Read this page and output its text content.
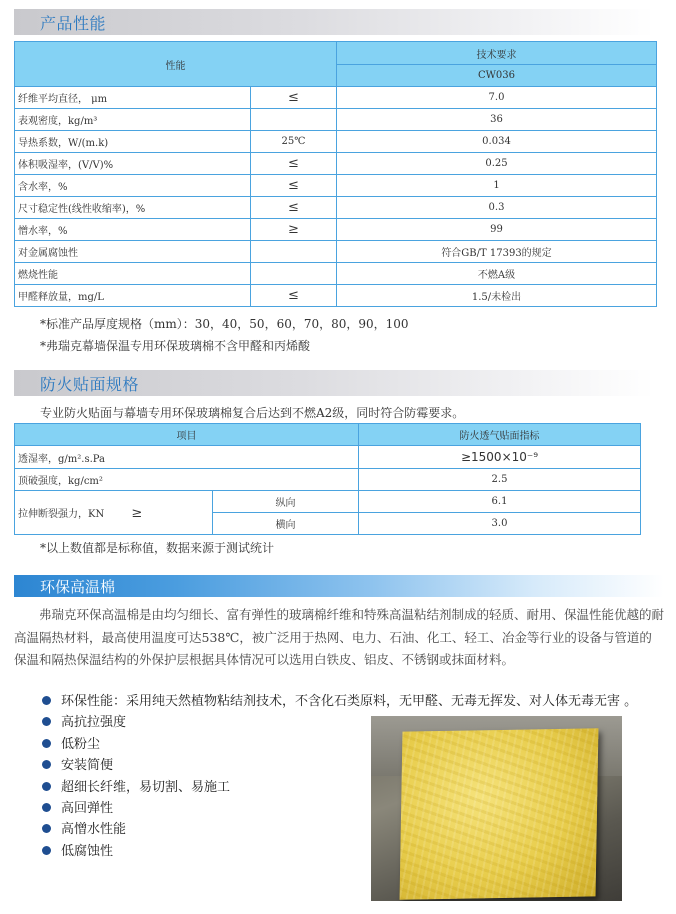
产品性能
性能		技术要求
		CW036
纤维平均直径， μm	≤	7.0
表观密度，kg/m³		36
导热系数，W/(m.k)	25℃	0.034
体积吸湿率，(V/V)%	≤	0.25
含水率，%	≤	1
尺寸稳定性(线性收缩率)，%	≤	0.3
憎水率，%	≥	99
对金属腐蚀性		符合GB/T 17393的规定
燃烧性能		不燃A级
甲醛释放量，mg/L	≤	1.5/未检出
*标准产品厚度规格（mm）：30，40，50，60，70，80，90，100
*弗瑞克幕墙保温专用环保玻璃棉不含甲醛和丙烯酸
防火贴面规格
专业防火贴面与幕墙专用环保玻璃棉复合后达到不燃A2级，同时符合防霉要求。
项目		防火透气贴面指标
透湿率，g/m².s.Pa		≥1500×10⁻⁹
顶破强度，kg/cm²		2.5
拉伸断裂强力，KN ≥	纵向	6.1
	横向	3.0
*以上数值都是标称值，数据来源于测试统计
环保高温棉
弗瑞克环保高温棉是由均匀细长、富有弹性的玻璃棉纤维和特殊高温粘结剂制成的轻质、耐用、保温性能优越的耐高温隔热材料，最高使用温度可达538℃，被广泛用于热网、电力、石油、化工、轻工、冶金等行业的设备与管道的保温和隔热保温结构的外保护层根据具体情况可以选用白铁皮、铝皮、不锈钢或抹面材料。
环保性能：采用纯天然植物粘结剂技术，不含化石类原料，无甲醛、无毒无挥发、对人体无毒无害 。
高抗拉强度
低粉尘
安装简便
超细长纤维，易切割、易施工
高回弹性
高憎水性能
低腐蚀性
